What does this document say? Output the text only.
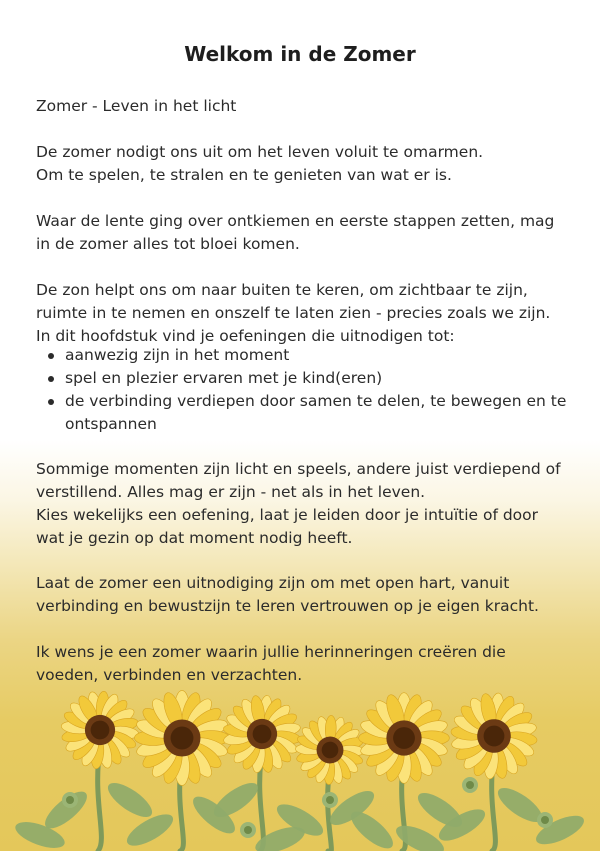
Welkom in de Zomer
Zomer - Leven in het licht

De zomer nodigt ons uit om het leven voluit te omarmen.

Om te spelen, te stralen en te genieten van wat er is.

Waar de lente ging over ontkiemen en eerste stappen zetten, mag

in de zomer alles tot bloei komen.

De zon helpt ons om naar buiten te keren, om zichtbaar te zijn,

ruimte in te nemen en onszelf te laten zien - precies zoals we zijn.

In dit hoofdstuk vind je oefeningen die uitnodigen tot:

aanwezig zijn in het moment
spel en plezier ervaren met je kind(eren)
de verbinding verdiepen door samen te delen, te bewegen en te ontspannen

Sommige momenten zijn licht en speels, andere juist verdiepend of

verstillend. Alles mag er zijn - net als in het leven.

Kies wekelijks een oefening, laat je leiden door je intuïtie of door

wat je gezin op dat moment nodig heeft.

Laat de zomer een uitnodiging zijn om met open hart, vanuit

verbinding en bewustzijn te leren vertrouwen op je eigen kracht.

Ik wens je een zomer waarin jullie herinneringen creëren die

voeden, verbinden en verzachten.
